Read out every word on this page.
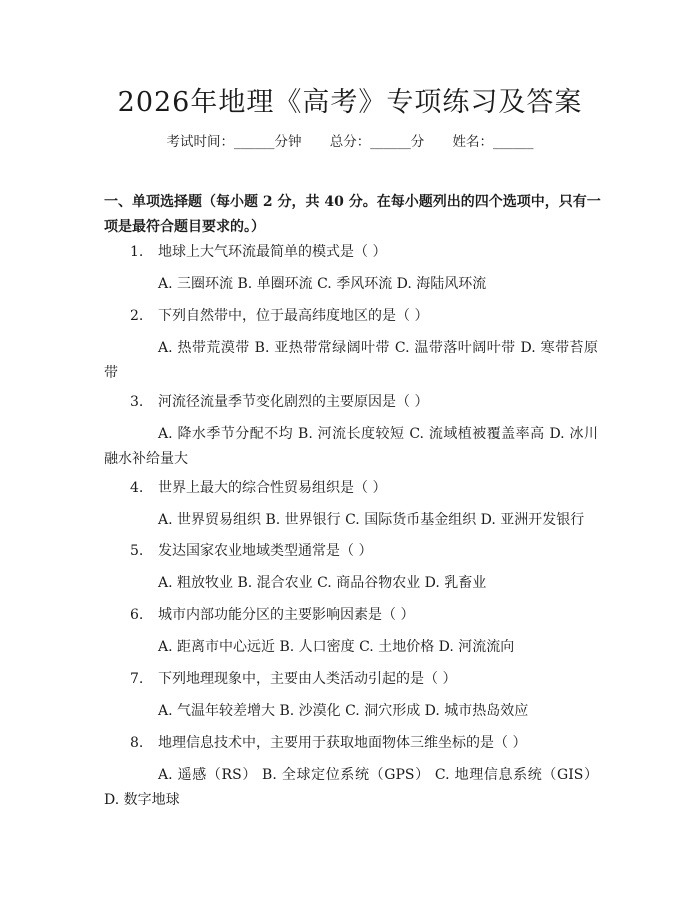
2026年地理《高考》专项练习及答案
考试时间：______分钟 总分：______分 姓名：______

一、单项选择题（每小题 2 分，共 40 分。在每小题列出的四个选项中，只有一项是最符合题目要求的。）

1. 地球上大气环流最简单的模式是（ ）
A. 三圈环流 B. 单圈环流 C. 季风环流 D. 海陆风环流
2. 下列自然带中，位于最高纬度地区的是（ ）
A. 热带荒漠带 B. 亚热带常绿阔叶带 C. 温带落叶阔叶带 D. 寒带苔原带
3. 河流径流量季节变化剧烈的主要原因是（ ）
A. 降水季节分配不均 B. 河流长度较短 C. 流域植被覆盖率高 D. 冰川融水补给量大
4. 世界上最大的综合性贸易组织是（ ）
A. 世界贸易组织 B. 世界银行 C. 国际货币基金组织 D. 亚洲开发银行
5. 发达国家农业地域类型通常是（ ）
A. 粗放牧业 B. 混合农业 C. 商品谷物农业 D. 乳畜业
6. 城市内部功能分区的主要影响因素是（ ）
A. 距离市中心远近 B. 人口密度 C. 土地价格 D. 河流流向
7. 下列地理现象中，主要由人类活动引起的是（ ）
A. 气温年较差增大 B. 沙漠化 C. 洞穴形成 D. 城市热岛效应
8. 地理信息技术中，主要用于获取地面物体三维坐标的是（ ）
A. 遥感（RS） B. 全球定位系统（GPS） C. 地理信息系统（GIS） D. 数字地球
